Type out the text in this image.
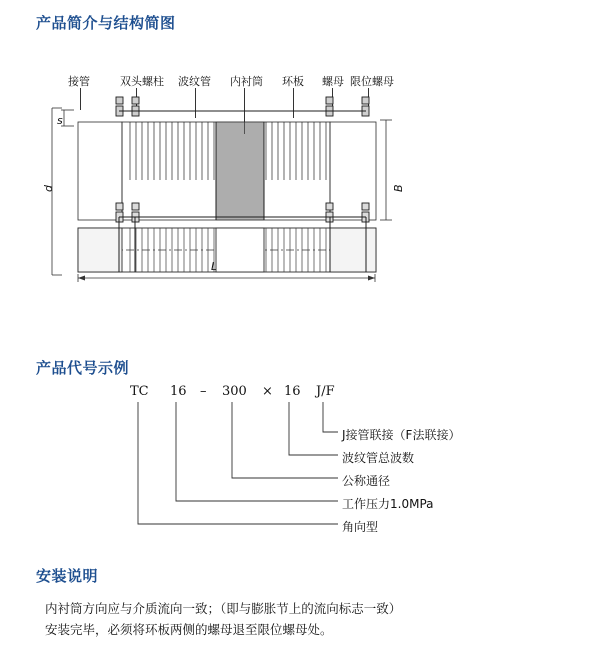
产品简介与结构简图
接管	双头螺柱 波纹管 内衬筒 环板 螺母 限位螺母
s
d	B
产品代号示例
TC 16 – 300 × 16 J/F
J接管联接（F法联接）
波纹管总波数
公称通径
工作压力1.0MPa
角向型
安装说明
内衬筒方向应与介质流向一致；（即与膨胀节上的流向标志一致）
安装完毕，必须将环板两侧的螺母退至限位螺母处。
